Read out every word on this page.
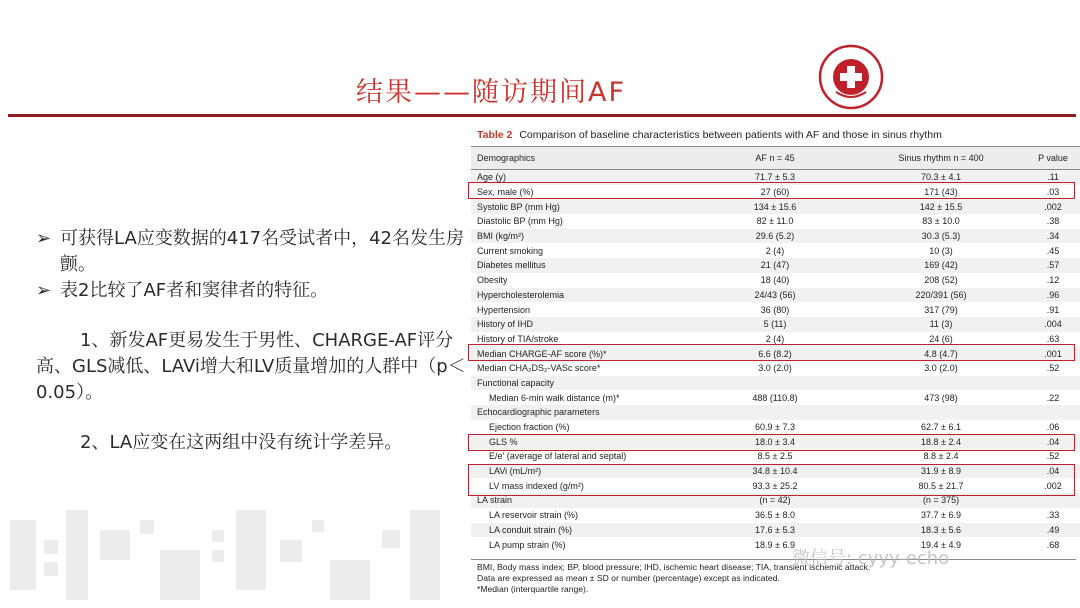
结果——随访期间AF
➢ 可获得LA应变数据的417名受试者中，42名发生房颤。
➢ 表2比较了AF者和窦律者的特征。
1、新发AF更易发生于男性、CHARGE-AF评分高、GLS减低、LAVi增大和LV质量增加的人群中（p＜0.05）。
2、LA应变在这两组中没有统计学差异。
Table 2 Comparison of baseline characteristics between patients with AF and those in sinus rhythm
Demographics	AF n = 45	Sinus rhythm n = 400	P value
Age (y)	71.7 ± 5.3	70.3 ± 4.1	.11
Sex, male (%)	27 (60)	171 (43)	.03
Systolic BP (mm Hg)	134 ± 15.6	142 ± 15.5	.002
Diastolic BP (mm Hg)	82 ± 11.0	83 ± 10.0	.38
BMI (kg/m²)	29.6 (5.2)	30.3 (5.3)	.34
Current smoking	2 (4)	10 (3)	.45
Diabetes mellitus	21 (47)	169 (42)	.57
Obesity	18 (40)	208 (52)	.12
Hypercholesterolemia	24/43 (56)	220/391 (56)	.96
Hypertension	36 (80)	317 (79)	.91
History of IHD	5 (11)	11 (3)	.004
History of TIA/stroke	2 (4)	24 (6)	.63
Median CHARGE-AF score (%)*	6.6 (8.2)	4.8 (4.7)	.001
Median CHA₂DS₂-VASc score*	3.0 (2.0)	3.0 (2.0)	.52
Functional capacity
Median 6-min walk distance (m)*	488 (110.8)	473 (98)	.22
Echocardiographic parameters
Ejection fraction (%)	60.9 ± 7.3	62.7 ± 6.1	.06
GLS %	18.0 ± 3.4	18.8 ± 2.4	.04
E/e' (average of lateral and septal)	8.5 ± 2.5	8.8 ± 2.4	.52
LAVi (mL/m²)	34.8 ± 10.4	31.9 ± 8.9	.04
LV mass indexed (g/m²)	93.3 ± 25.2	80.5 ± 21.7	.002
LA strain	(n = 42)	(n = 375)
LA reservoir strain (%)	36.5 ± 8.0	37.7 ± 6.9	.33
LA conduit strain (%)	17.6 ± 5.3	18.3 ± 5.6	.49
LA pump strain (%)	18.9 ± 6.9	19.4 ± 4.9	.68
BMI, Body mass index; BP, blood pressure; IHD, ischemic heart disease; TIA, transient ischemic attack.
Data are expressed as mean ± SD or number (percentage) except as indicated.
*Median (interquartile range).
微信号: cyyy-echo
